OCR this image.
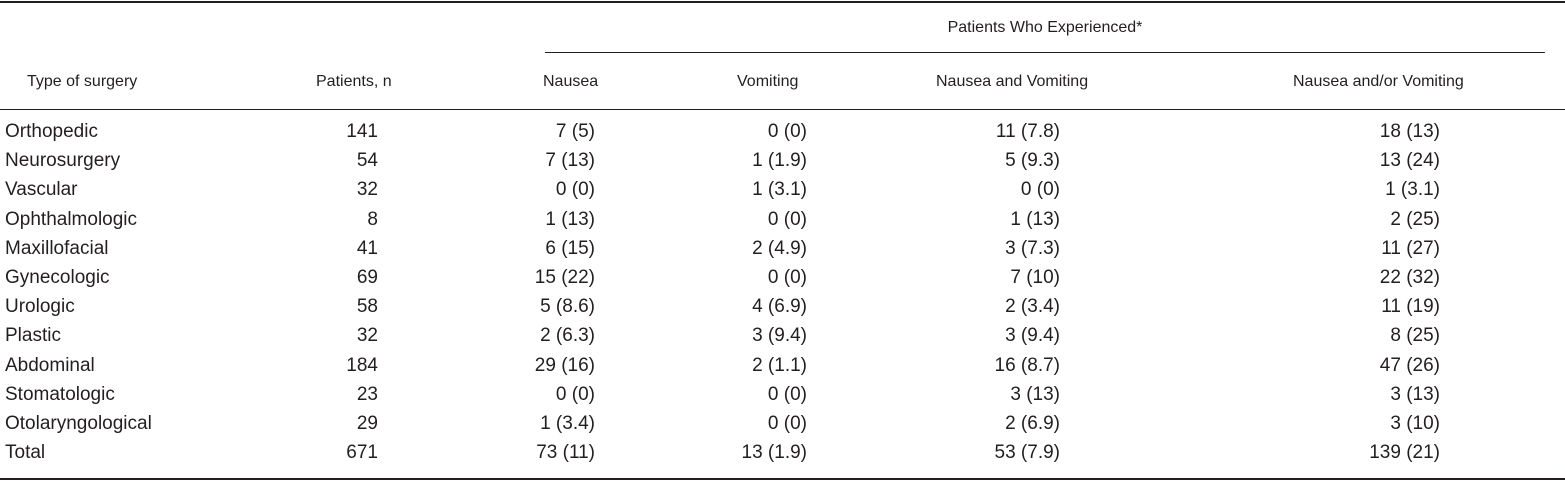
Patients Who Experienced*
Type of surgery	Patients, n	Nausea	Vomiting	Nausea and Vomiting	Nausea and/or Vomiting
Orthopedic	141	7 (5)	0 (0)	11 (7.8)	18 (13)
Neurosurgery	54	7 (13)	1 (1.9)	5 (9.3)	13 (24)
Vascular	32	0 (0)	1 (3.1)	0 (0)	1 (3.1)
Ophthalmologic	8	1 (13)	0 (0)	1 (13)	2 (25)
Maxillofacial	41	6 (15)	2 (4.9)	3 (7.3)	11 (27)
Gynecologic	69	15 (22)	0 (0)	7 (10)	22 (32)
Urologic	58	5 (8.6)	4 (6.9)	2 (3.4)	11 (19)
Plastic	32	2 (6.3)	3 (9.4)	3 (9.4)	8 (25)
Abdominal	184	29 (16)	2 (1.1)	16 (8.7)	47 (26)
Stomatologic	23	0 (0)	0 (0)	3 (13)	3 (13)
Otolaryngological	29	1 (3.4)	0 (0)	2 (6.9)	3 (10)
Total	671	73 (11)	13 (1.9)	53 (7.9)	139 (21)
